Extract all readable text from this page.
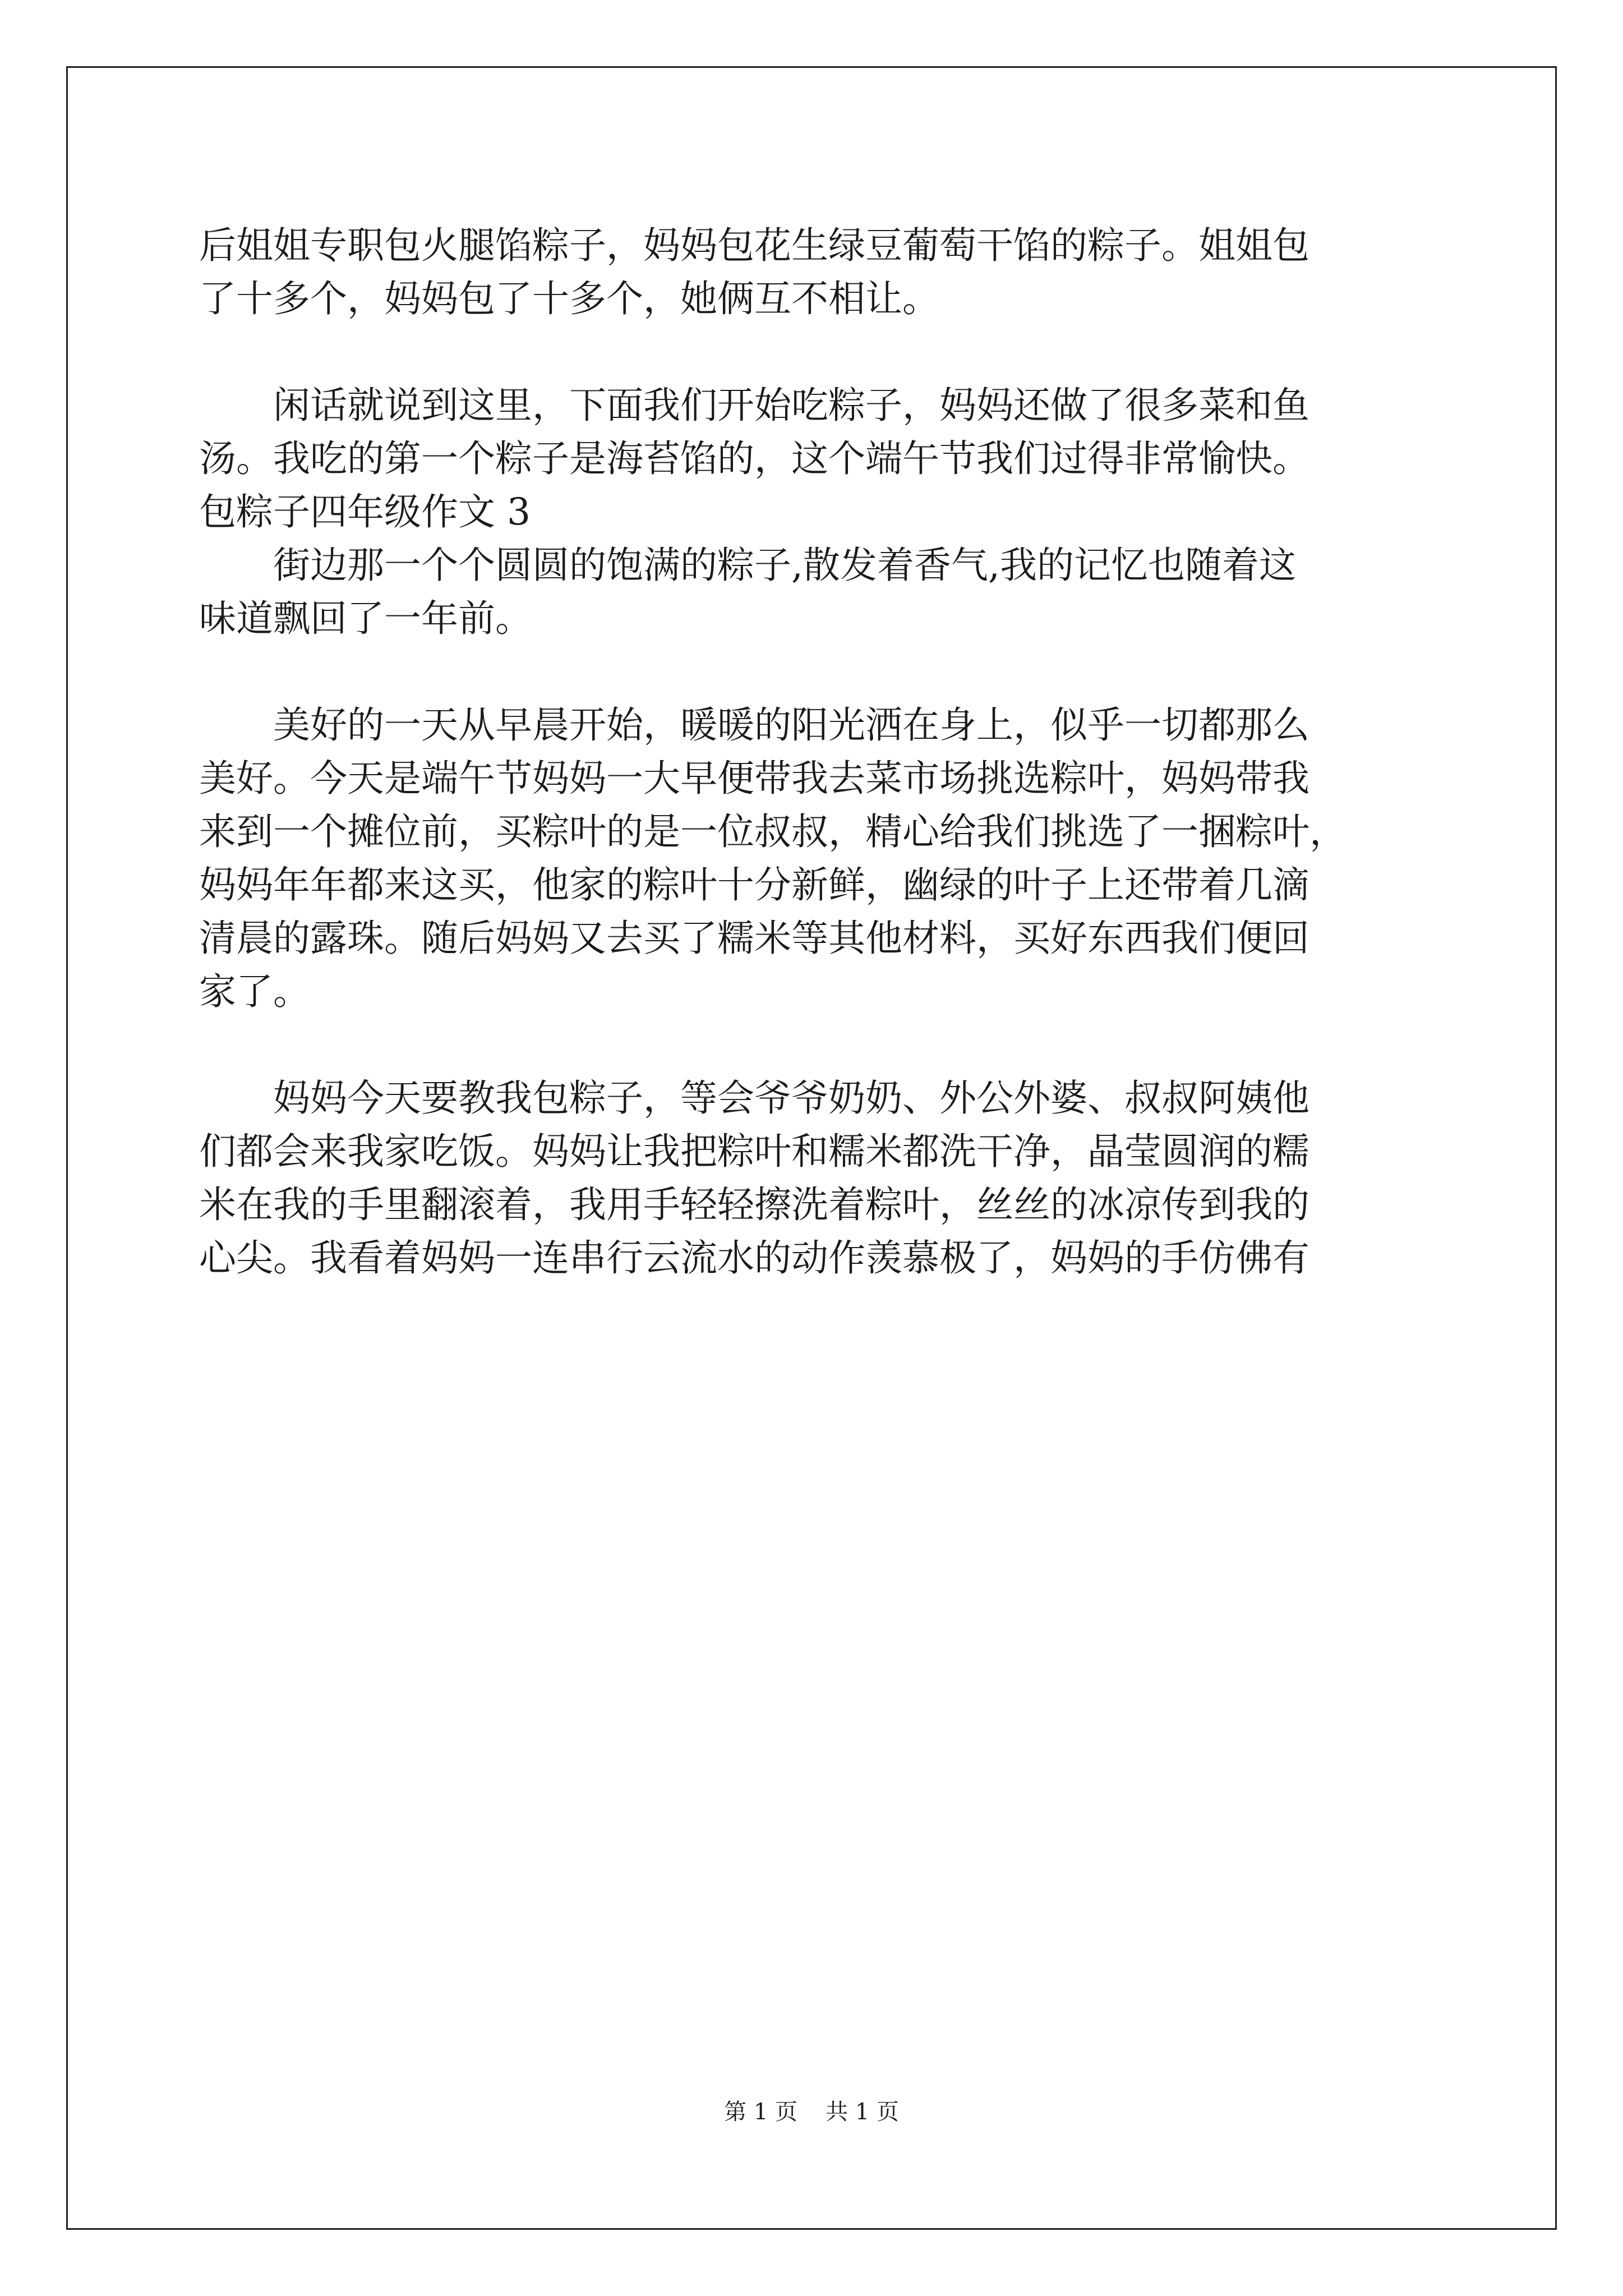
后姐姐专职包火腿馅粽子，妈妈包花生绿豆葡萄干馅的粽子。姐姐包
了十多个，妈妈包了十多个，她俩互不相让。
闲话就说到这里，下面我们开始吃粽子，妈妈还做了很多菜和鱼
汤。我吃的第一个粽子是海苔馅的，这个端午节我们过得非常愉快。
包粽子四年级作文 3
街边那一个个圆圆的饱满的粽子,散发着香气,我的记忆也随着这
味道飘回了一年前。
美好的一天从早晨开始，暖暖的阳光洒在身上，似乎一切都那么
美好。今天是端午节妈妈一大早便带我去菜市场挑选粽叶，妈妈带我
来到一个摊位前，买粽叶的是一位叔叔，精心给我们挑选了一捆粽叶，
妈妈年年都来这买，他家的粽叶十分新鲜，幽绿的叶子上还带着几滴
清晨的露珠。随后妈妈又去买了糯米等其他材料，买好东西我们便回
家了。
妈妈今天要教我包粽子，等会爷爷奶奶、外公外婆、叔叔阿姨他
们都会来我家吃饭。妈妈让我把粽叶和糯米都洗干净，晶莹圆润的糯
米在我的手里翻滚着，我用手轻轻擦洗着粽叶，丝丝的冰凉传到我的
心尖。我看着妈妈一连串行云流水的动作羡慕极了，妈妈的手仿佛有
第 1 页 共 1 页
